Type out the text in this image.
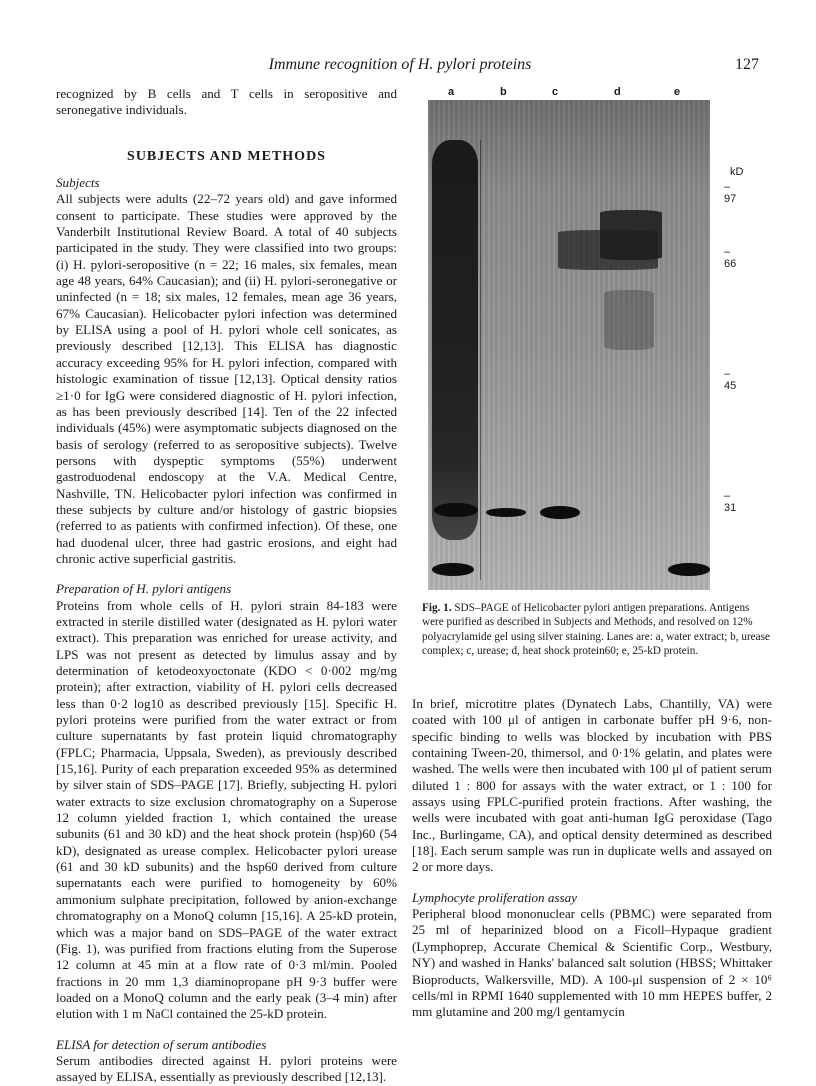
Immune recognition of H. pylori proteins	127

recognized by B cells and T cells in seropositive and seronegative individuals.

SUBJECTS AND METHODS

Subjects

All subjects were adults (22–72 years old) and gave informed consent to participate. These studies were approved by the Vanderbilt Institutional Review Board. A total of 40 subjects participated in the study. They were classified into two groups: (i) H. pylori-seropositive (n = 22; 16 males, six females, mean age 48 years, 64% Caucasian); and (ii) H. pylori-seronegative or uninfected (n = 18; six males, 12 females, mean age 36 years, 67% Caucasian). Helicobacter pylori infection was determined by ELISA using a pool of H. pylori whole cell sonicates, as previously described [12,13]. This ELISA has diagnostic accuracy exceeding 95% for H. pylori infection, compared with histologic examination of tissue [12,13]. Optical density ratios ≥1·0 for IgG were considered diagnostic of H. pylori infection, as has been previously described [14]. Ten of the 22 infected individuals (45%) were asymptomatic subjects diagnosed on the basis of serology (referred to as seropositive subjects). Twelve persons with dyspeptic symptoms (55%) underwent gastroduodenal endoscopy at the V.A. Medical Centre, Nashville, TN. Helicobacter pylori infection was confirmed in these subjects by culture and/or histology of gastric biopsies (referred to as patients with confirmed infection). Of these, one had duodenal ulcer, three had gastric erosions, and eight had chronic active superficial gastritis.

Preparation of H. pylori antigens

Proteins from whole cells of H. pylori strain 84-183 were extracted in sterile distilled water (designated as H. pylori water extract). This preparation was enriched for urease activity, and LPS was not present as detected by limulus assay and by determination of ketodeoxyoctonate (KDO < 0·002 mg/mg protein); after extraction, viability of H. pylori cells decreased less than 0·2 log10 as described previously [15]. Specific H. pylori proteins were purified from the water extract or from culture supernatants by fast protein liquid chromatography (FPLC; Pharmacia, Uppsala, Sweden), as previously described [15,16]. Purity of each preparation exceeded 95% as determined by silver stain of SDS–PAGE [17]. Briefly, subjecting H. pylori water extracts to size exclusion chromatography on a Superose 12 column yielded fraction 1, which contained the urease subunits (61 and 30 kD) and the heat shock protein (hsp)60 (54 kD), designated as urease complex. Helicobacter pylori urease (61 and 30 kD subunits) and the hsp60 derived from culture supernatants each were purified to homogeneity by 60% ammonium sulphate precipitation, followed by anion-exchange chromatography on a MonoQ column [15,16]. A 25-kD protein, which was a major band on SDS–PAGE of the water extract (Fig. 1), was purified from fractions eluting from the Superose 12 column at 45 min at a flow rate of 0·3 ml/min. Pooled fractions in 20 mm 1,3 diaminopropane pH 9·3 buffer were loaded on a MonoQ column and the early peak (3–4 min) after elution with 1 m NaCl contained the 25-kD protein.

ELISA for detection of serum antibodies

Serum antibodies directed against H. pylori proteins were assayed by ELISA, essentially as previously described [12,13].

a	b	c	d	e
kD
– 97
– 66
– 45
– 31

Fig. 1. SDS–PAGE of Helicobacter pylori antigen preparations. Antigens were purified as described in Subjects and Methods, and resolved on 12% polyacrylamide gel using silver staining. Lanes are: a, water extract; b, urease complex; c, urease; d, heat shock protein60; e, 25-kD protein.

In brief, microtitre plates (Dynatech Labs, Chantilly, VA) were coated with 100 μl of antigen in carbonate buffer pH 9·6, non-specific binding to wells was blocked by incubation with PBS containing Tween-20, thimersol, and 0·1% gelatin, and plates were washed. The wells were then incubated with 100 μl of patient serum diluted 1 : 800 for assays with the water extract, or 1 : 100 for assays using FPLC-purified protein fractions. After washing, the wells were incubated with goat anti-human IgG peroxidase (Tago Inc., Burlingame, CA), and optical density determined as described [18]. Each serum sample was run in duplicate wells and assayed on 2 or more days.

Lymphocyte proliferation assay

Peripheral blood mononuclear cells (PBMC) were separated from 25 ml of heparinized blood on a Ficoll–Hypaque gradient (Lymphoprep, Accurate Chemical & Scientific Corp., Westbury, NY) and washed in Hanks' balanced salt solution (HBSS; Whittaker Bioproducts, Walkersville, MD). A 100-μl suspension of 2 × 10⁶ cells/ml in RPMI 1640 supplemented with 10 mm HEPES buffer, 2 mm glutamine and 200 mg/l gentamycin
